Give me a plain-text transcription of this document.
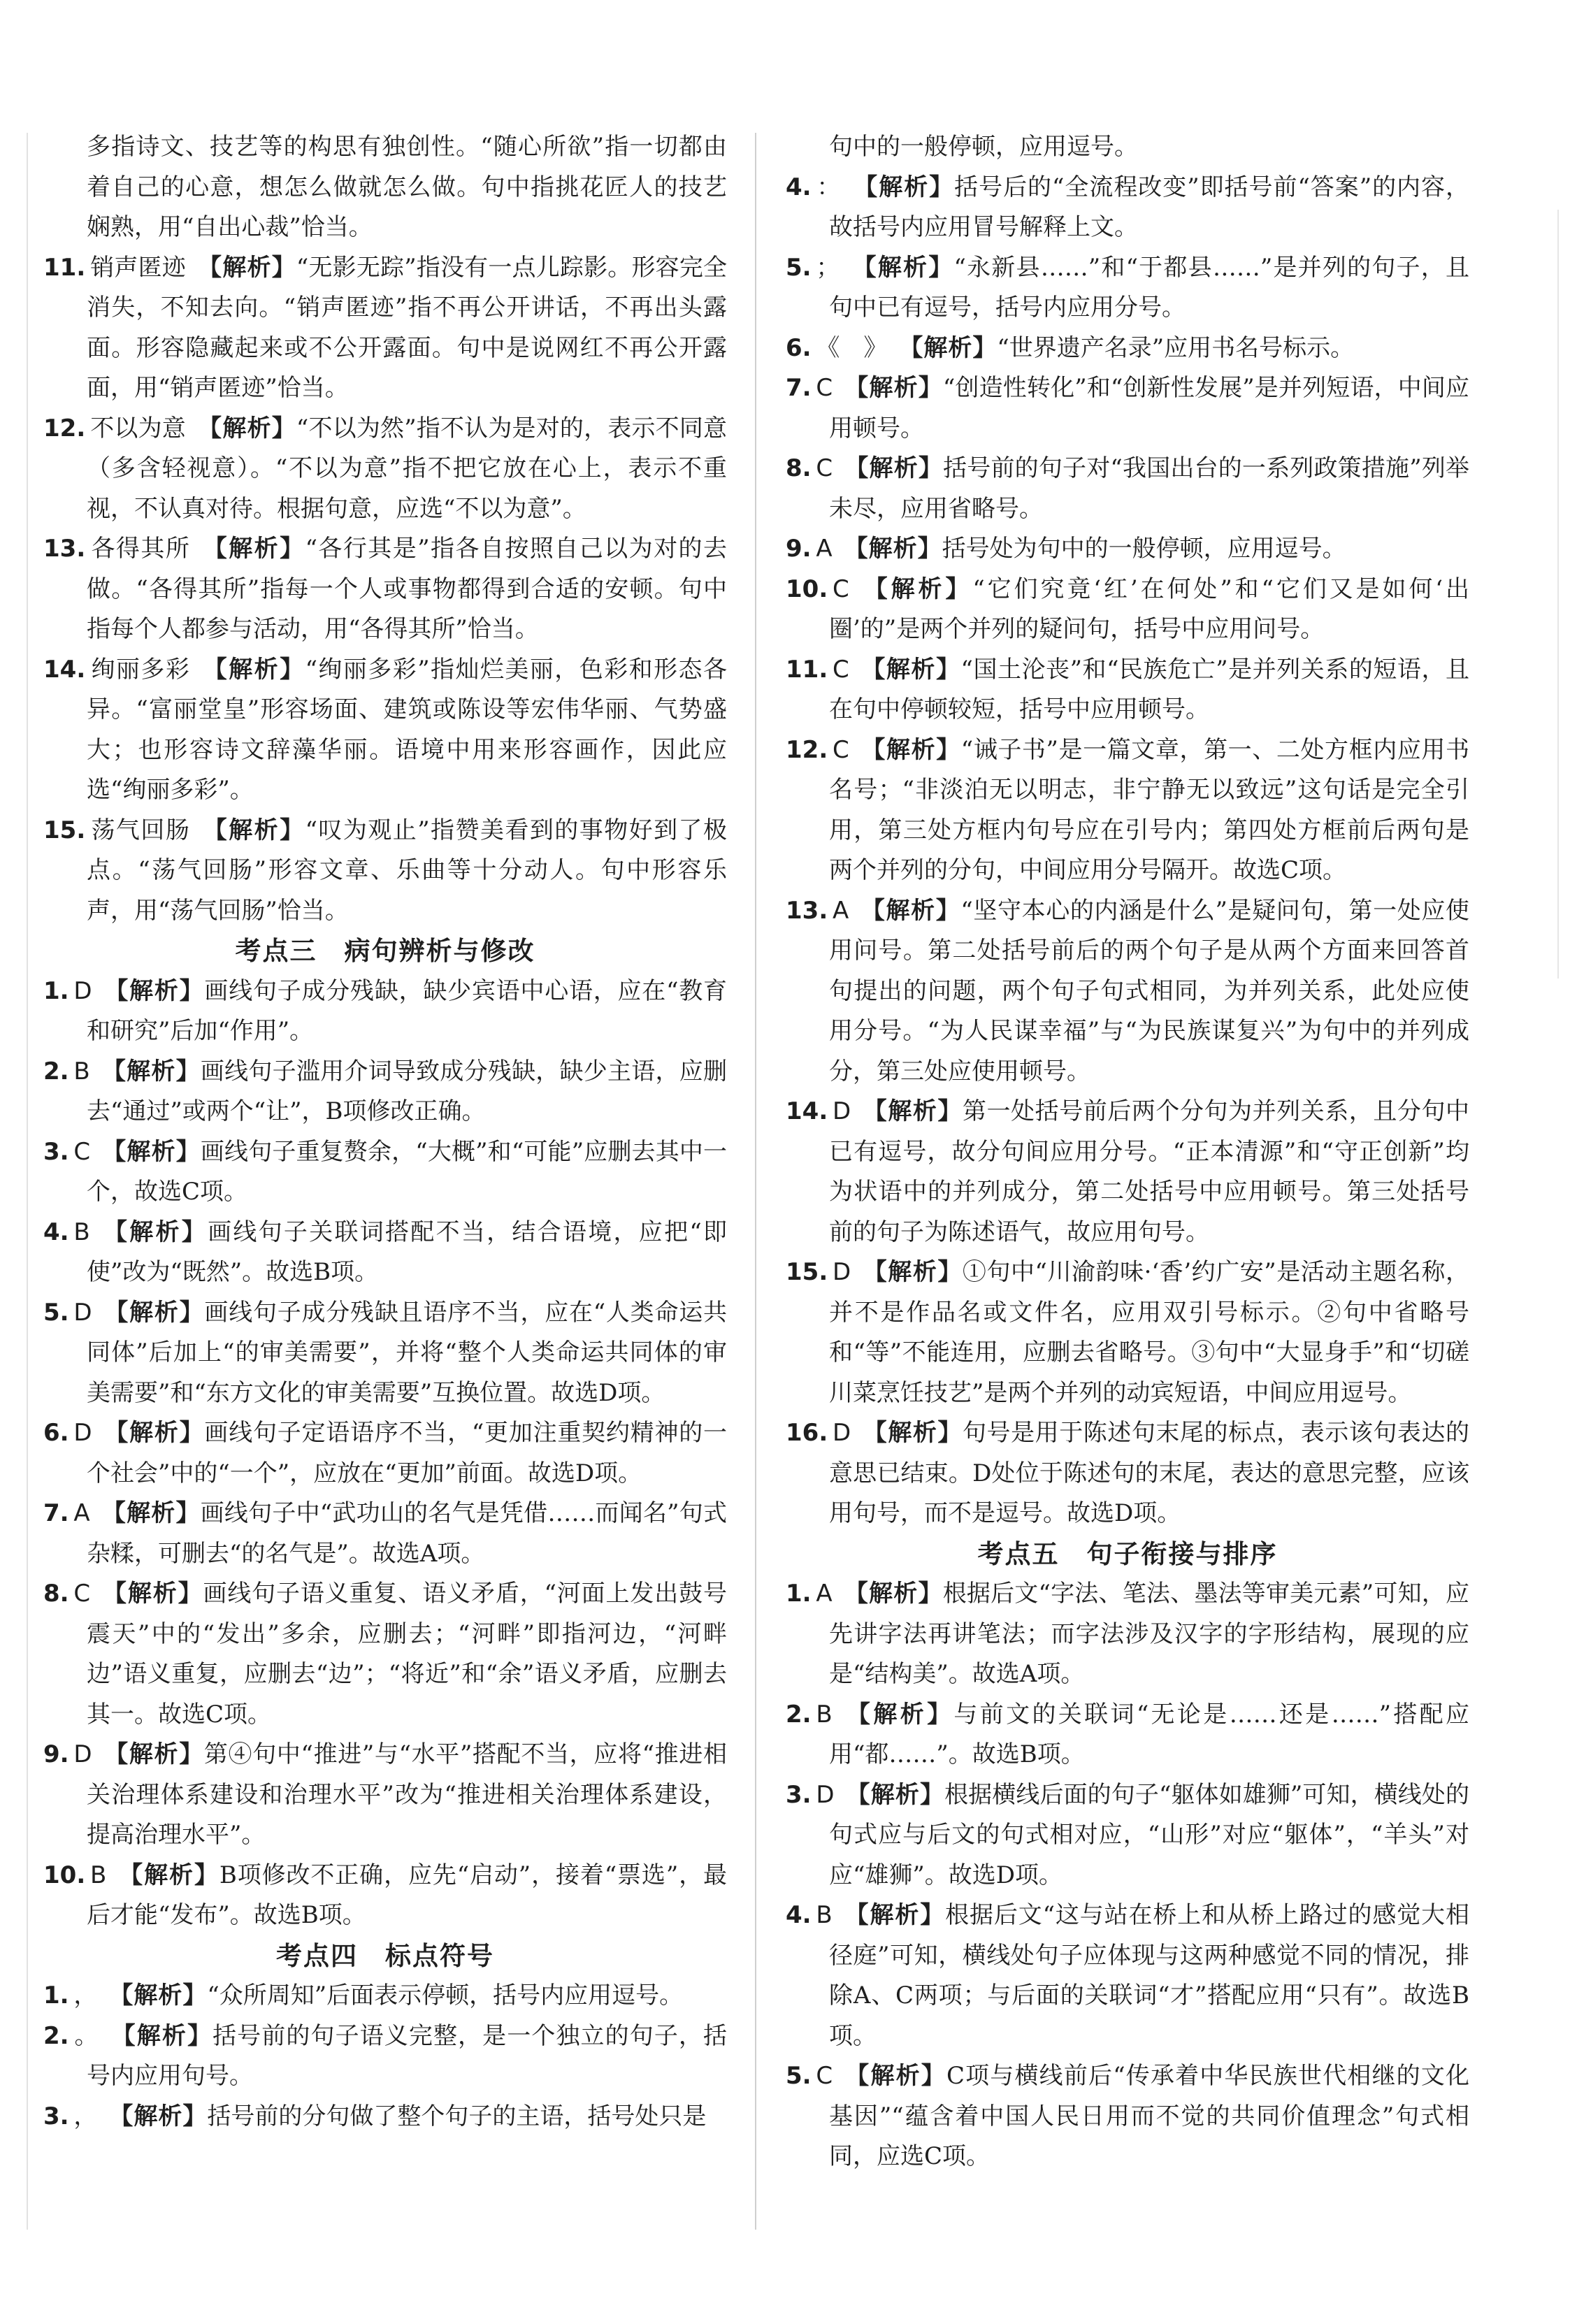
多指诗文、技艺等的构思有独创性。“随心所欲”指一切都由着自己的心意，想怎么做就怎么做。句中指挑花匠人的技艺娴熟，用“自出心裁”恰当。

11.  销声匿迹  【解析】“无影无踪”指没有一点儿踪影。形容完全消失，不知去向。“销声匿迹”指不再公开讲话，不再出头露面。形容隐藏起来或不公开露面。句中是说网红不再公开露面，用“销声匿迹”恰当。

12.  不以为意  【解析】“不以为然”指不认为是对的，表示不同意（多含轻视意）。“不以为意”指不把它放在心上，表示不重视，不认真对待。根据句意，应选“不以为意”。

13.  各得其所  【解析】“各行其是”指各自按照自己以为对的去做。“各得其所”指每一个人或事物都得到合适的安顿。句中指每个人都参与活动，用“各得其所”恰当。

14.  绚丽多彩  【解析】“绚丽多彩”指灿烂美丽，色彩和形态各异。“富丽堂皇”形容场面、建筑或陈设等宏伟华丽、气势盛大；也形容诗文辞藻华丽。语境中用来形容画作，因此应选“绚丽多彩”。

15.  荡气回肠  【解析】“叹为观止”指赞美看到的事物好到了极点。“荡气回肠”形容文章、乐曲等十分动人。句中形容乐声，用“荡气回肠”恰当。

考点三　病句辨析与修改

1.  D  【解析】画线句子成分残缺，缺少宾语中心语，应在“教育和研究”后加“作用”。

2.  B  【解析】画线句子滥用介词导致成分残缺，缺少主语，应删去“通过”或两个“让”，B项修改正确。

3.  C  【解析】画线句子重复赘余，“大概”和“可能”应删去其中一个，故选C项。

4.  B  【解析】画线句子关联词搭配不当，结合语境，应把“即使”改为“既然”。故选B项。

5.  D  【解析】画线句子成分残缺且语序不当，应在“人类命运共同体”后加上“的审美需要”，并将“整个人类命运共同体的审美需要”和“东方文化的审美需要”互换位置。故选D项。

6.  D  【解析】画线句子定语语序不当，“更加注重契约精神的一个社会”中的“一个”，应放在“更加”前面。故选D项。

7.  A  【解析】画线句子中“武功山的名气是凭借……而闻名”句式杂糅，可删去“的名气是”。故选A项。

8.  C  【解析】画线句子语义重复、语义矛盾，“河面上发出鼓号震天”中的“发出”多余，应删去；“河畔”即指河边，“河畔边”语义重复，应删去“边”；“将近”和“余”语义矛盾，应删去其一。故选C项。

9.  D  【解析】第④句中“推进”与“水平”搭配不当，应将“推进相关治理体系建设和治理水平”改为“推进相关治理体系建设，提高治理水平”。

10.  B  【解析】B项修改不正确，应先“启动”，接着“票选”，最后才能“发布”。故选B项。

考点四　标点符号

1.  ，  【解析】“众所周知”后面表示停顿，括号内应用逗号。

2.  。  【解析】括号前的句子语义完整，是一个独立的句子，括号内应用句号。

3.  ，  【解析】括号前的分句做了整个句子的主语，括号处只是

句中的一般停顿，应用逗号。

4.  ：  【解析】括号后的“全流程改变”即括号前“答案”的内容，故括号内应用冒号解释上文。

5.  ；  【解析】“永新县……”和“于都县……”是并列的句子，且句中已有逗号，括号内应用分号。

6.  《　》  【解析】“世界遗产名录”应用书名号标示。

7.  C  【解析】“创造性转化”和“创新性发展”是并列短语，中间应用顿号。

8.  C  【解析】括号前的句子对“我国出台的一系列政策措施”列举未尽，应用省略号。

9.  A  【解析】括号处为句中的一般停顿，应用逗号。

10.  C  【解析】“它们究竟‘红’在何处”和“它们又是如何‘出圈’的”是两个并列的疑问句，括号中应用问号。

11.  C  【解析】“国土沦丧”和“民族危亡”是并列关系的短语，且在句中停顿较短，括号中应用顿号。

12.  C  【解析】“诫子书”是一篇文章，第一、二处方框内应用书名号；“非淡泊无以明志，非宁静无以致远”这句话是完全引用，第三处方框内句号应在引号内；第四处方框前后两句是两个并列的分句，中间应用分号隔开。故选C项。

13.  A  【解析】“坚守本心的内涵是什么”是疑问句，第一处应使用问号。第二处括号前后的两个句子是从两个方面来回答首句提出的问题，两个句子句式相同，为并列关系，此处应使用分号。“为人民谋幸福”与“为民族谋复兴”为句中的并列成分，第三处应使用顿号。

14.  D  【解析】第一处括号前后两个分句为并列关系，且分句中已有逗号，故分句间应用分号。“正本清源”和“守正创新”均为状语中的并列成分，第二处括号中应用顿号。第三处括号前的句子为陈述语气，故应用句号。

15.  D  【解析】①句中“川渝韵味·‘香’约广安”是活动主题名称，并不是作品名或文件名，应用双引号标示。②句中省略号和“等”不能连用，应删去省略号。③句中“大显身手”和“切磋川菜烹饪技艺”是两个并列的动宾短语，中间应用逗号。

16.  D  【解析】句号是用于陈述句末尾的标点，表示该句表达的意思已结束。D处位于陈述句的末尾，表达的意思完整，应该用句号，而不是逗号。故选D项。

考点五　句子衔接与排序

1.  A  【解析】根据后文“字法、笔法、墨法等审美元素”可知，应先讲字法再讲笔法；而字法涉及汉字的字形结构，展现的应是“结构美”。故选A项。

2.  B  【解析】与前文的关联词“无论是……还是……”搭配应用“都……”。故选B项。

3.  D  【解析】根据横线后面的句子“躯体如雄狮”可知，横线处的句式应与后文的句式相对应，“山形”对应“躯体”，“羊头”对应“雄狮”。故选D项。

4.  B  【解析】根据后文“这与站在桥上和从桥上路过的感觉大相径庭”可知，横线处句子应体现与这两种感觉不同的情况，排除A、C两项；与后面的关联词“才”搭配应用“只有”。故选B项。

5.  C  【解析】C项与横线前后“传承着中华民族世代相继的文化基因”“蕴含着中国人民日用而不觉的共同价值理念”句式相同，应选C项。
